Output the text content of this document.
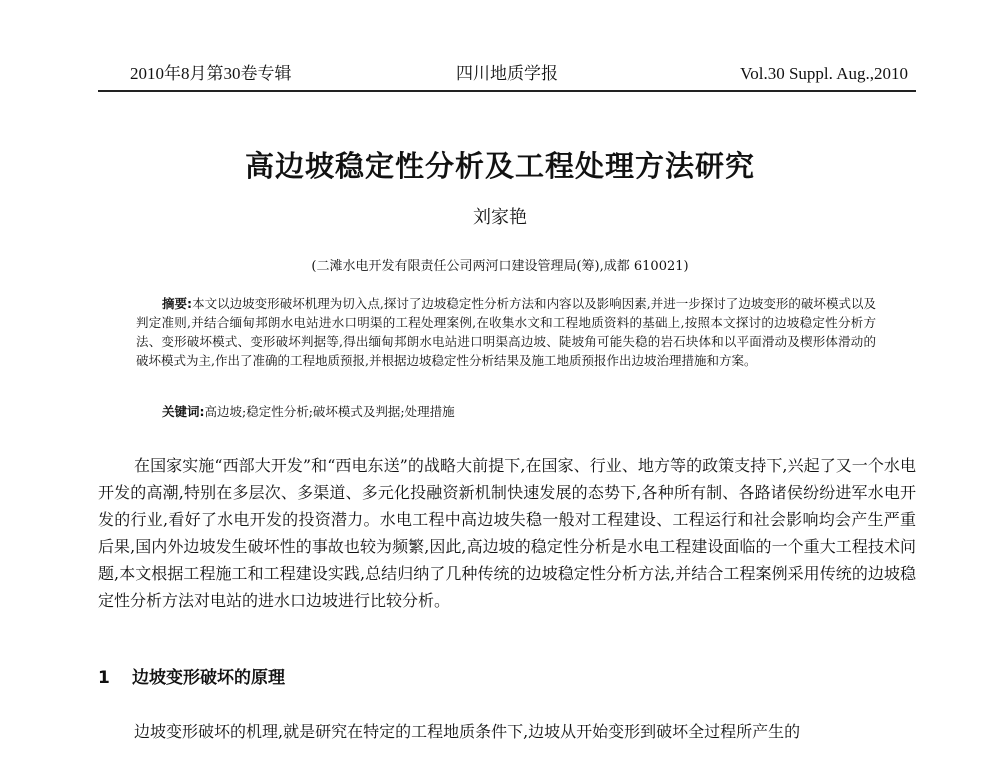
2010年8月第30卷专辑	四川地质学报	Vol.30 Suppl. Aug.,2010
高边坡稳定性分析及工程处理方法研究
刘家艳
(二滩水电开发有限责任公司两河口建设管理局(筹),成都 610021)
摘要:本文以边坡变形破坏机理为切入点,探讨了边坡稳定性分析方法和内容以及影响因素,并进一步探讨了边坡变形的破坏模式以及判定准则,并结合缅甸邦朗水电站进水口明渠的工程处理案例,在收集水文和工程地质资料的基础上,按照本文探讨的边坡稳定性分析方法、变形破坏模式、变形破坏判据等,得出缅甸邦朗水电站进口明渠高边坡、陡坡角可能失稳的岩石块体和以平面滑动及楔形体滑动的破坏模式为主,作出了准确的工程地质预报,并根据边坡稳定性分析结果及施工地质预报作出边坡治理措施和方案。
关键词:高边坡;稳定性分析;破坏模式及判据;处理措施
在国家实施“西部大开发”和“西电东送”的战略大前提下,在国家、行业、地方等的政策支持下,兴起了又一个水电开发的高潮,特别在多层次、多渠道、多元化投融资新机制快速发展的态势下,各种所有制、各路诸侯纷纷进军水电开发的行业,看好了水电开发的投资潜力。水电工程中高边坡失稳一般对工程建设、工程运行和社会影响均会产生严重后果,国内外边坡发生破坏性的事故也较为频繁,因此,高边坡的稳定性分析是水电工程建设面临的一个重大工程技术问题,本文根据工程施工和工程建设实践,总结归纳了几种传统的边坡稳定性分析方法,并结合工程案例采用传统的边坡稳定性分析方法对电站的进水口边坡进行比较分析。
1 边坡变形破坏的原理
边坡变形破坏的机理,就是研究在特定的工程地质条件下,边坡从开始变形到破坏全过程所产生的
